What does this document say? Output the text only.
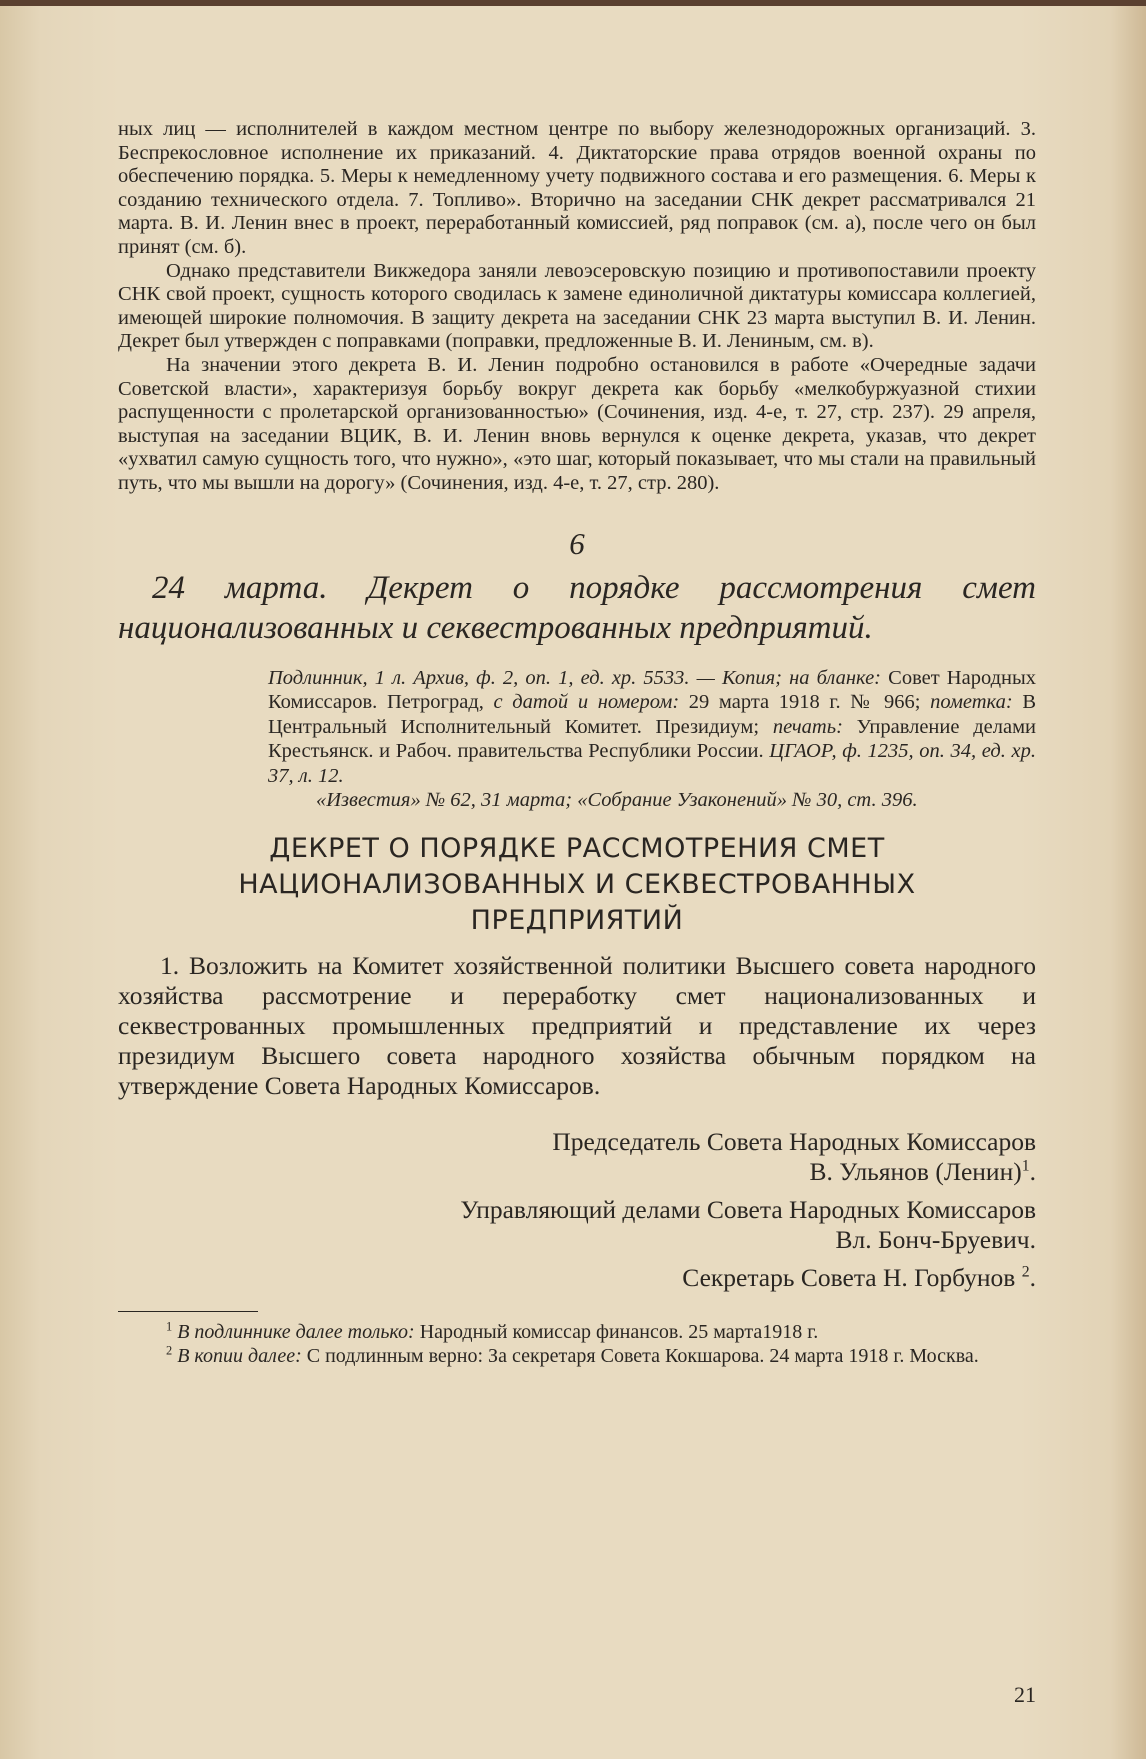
ных лиц — исполнителей в каждом местном центре по выбору железнодорожных организаций. 3. Беспрекословное исполнение их приказаний. 4. Диктаторские права отрядов военной охраны по обеспечению порядка. 5. Меры к немедленному учету подвижного состава и его размещения. 6. Меры к созданию технического отдела. 7. Топливо». Вторично на заседании СНК декрет рассматривался 21 марта. В. И. Ленин внес в проект, переработанный комиссией, ряд поправок (см. а), после чего он был принят (см. б).

Однако представители Викжедора заняли левоэсеровскую позицию и противопоставили проекту СНК свой проект, сущность которого сводилась к замене единоличной диктатуры комиссара коллегией, имеющей широкие полномочия. В защиту декрета на заседании СНК 23 марта выступил В. И. Ленин. Декрет был утвержден с поправками (поправки, предложенные В. И. Лениным, см. в).

На значении этого декрета В. И. Ленин подробно остановился в работе «Очередные задачи Советской власти», характеризуя борьбу вокруг декрета как борьбу «мелкобуржуазной стихии распущенности с пролетарской организованностью» (Сочинения, изд. 4-е, т. 27, стр. 237). 29 апреля, выступая на заседании ВЦИК, В. И. Ленин вновь вернулся к оценке декрета, указав, что декрет «ухватил самую сущность того, что нужно», «это шаг, который показывает, что мы стали на правильный путь, что мы вышли на дорогу» (Сочинения, изд. 4-е, т. 27, стр. 280).

6

24 марта. Декрет о порядке рассмотрения смет национализованных и секвестрованных предприятий.

Подлинник, 1 л. Архив, ф. 2, оп. 1, ед. хр. 5533. — Копия; на бланке: Совет Народных Комиссаров. Петроград, с датой и номером: 29 марта 1918 г. № 966; пометка: В Центральный Исполнительный Комитет. Президиум; печать: Управление делами Крестьянск. и Рабоч. правительства Республики России. ЦГАОР, ф. 1235, оп. 34, ед. хр. 37, л. 12.
«Известия» № 62, 31 марта; «Собрание Узаконений» № 30, ст. 396.
ДЕКРЕТ О ПОРЯДКЕ РАССМОТРЕНИЯ СМЕТ
НАЦИОНАЛИЗОВАННЫХ И СЕКВЕСТРОВАННЫХ
ПРЕДПРИЯТИЙ

1. Возложить на Комитет хозяйственной политики Высшего совета народного хозяйства рассмотрение и переработку смет национализованных и секвестрованных промышленных предприятий и представление их через президиум Высшего совета народного хозяйства обычным порядком на утверждение Совета Народных Комиссаров.

Председатель Совета Народных Комиссаров
В. Ульянов (Ленин)$^1$.
Управляющий делами Совета Народных Комиссаров
Вл. Бонч-Бруевич.
Секретарь Совета Н. Горбунов $^2$.
$^1$ В подлиннике далее только: Народный комиссар финансов. 25 марта1918 г.
$^2$ В копии далее: С подлинным верно: За секретаря Совета Кокшарова. 24 марта 1918 г. Москва.
21
